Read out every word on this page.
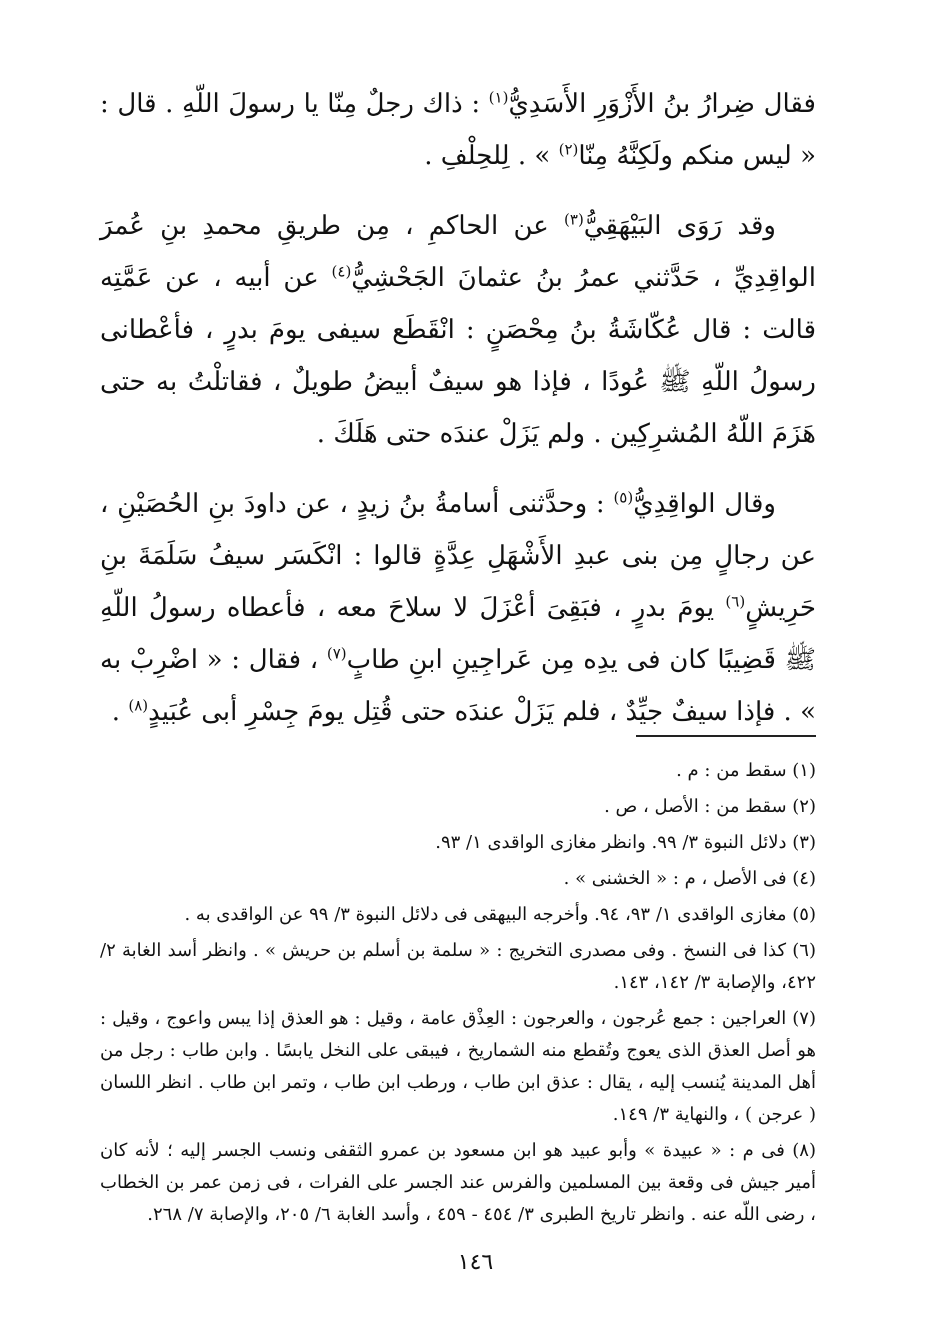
فقال ضِرارُ بنُ الأَزْوَرِ الأَسَدِيُّ$^{(١)}$ : ذاك رجلٌ مِنّا يا رسولَ اللّهِ . قال : « ليس منكم ولَكِنَّهُ مِنّا$^{(٢)}$ » . لِلحِلْفِ .

وقد رَوَى البَيْهَقِيُّ$^{(٣)}$ عن الحاكمِ ، مِن طريقِ محمدِ بنِ عُمرَ الواقِدِيِّ ، حَدَّثني عمرُ بنُ عثمانَ الجَحْشِيُّ$^{(٤)}$ عن أبيه ، عن عَمَّتِه قالت : قال عُكّاشَةُ بنُ مِحْصَنٍ : انْقَطَع سيفى يومَ بدرٍ ، فأعْطانى رسولُ اللّهِ ﷺ عُودًا ، فإذا هو سيفٌ أبيضُ طويلٌ ، فقاتلْتُ به حتى هَزَمَ اللّهُ المُشرِكِين . ولم يَزَلْ عندَه حتى هَلَكَ .

وقال الواقِدِيُّ$^{(٥)}$ : وحدَّثنى أسامةُ بنُ زيدٍ ، عن داودَ بنِ الحُصَيْنِ ، عن رجالٍ مِن بنى عبدِ الأَشْهَلِ عِدَّةٍ قالوا : انْكَسَر سيفُ سَلَمَةَ بنِ حَرِيشٍ$^{(٦)}$ يومَ بدرٍ ، فبَقِىَ أعْزَلَ لا سلاحَ معه ، فأعطاه رسولُ اللّهِ ﷺ قَضِيبًا كان فى يدِه مِن عَراجِينِ ابنِ طابٍ$^{(٧)}$ ، فقال : « اضْرِبْ به » . فإذا سيفٌ جيِّدٌ ، فلم يَزَلْ عندَه حتى قُتِل يومَ جِسْرِ أبى عُبَيدٍ$^{(٨)}$ .

(١) سقط من : م .
(٢) سقط من : الأصل ، ص .
(٣) دلائل النبوة ٣/ ٩٩. وانظر مغازى الواقدى ١/ ٩٣.
(٤) فى الأصل ، م : « الخشنى » .
(٥) مغازى الواقدى ١/ ٩٣، ٩٤. وأخرجه البيهقى فى دلائل النبوة ٣/ ٩٩ عن الواقدى به .
(٦) كذا فى النسخ . وفى مصدرى التخريج : « سلمة بن أسلم بن حريش » . وانظر أسد الغابة ٢/ ٤٢٢، والإصابة ٣/ ١٤٢، ١٤٣.
(٧) العراجين : جمع عُرجون ، والعرجون : العِذْق عامة ، وقيل : هو العذق إذا يبس واعوج ، وقيل : هو أصل العذق الذى يعوج وتُقطع منه الشماريخ ، فيبقى على النخل يابسًا . وابن طاب : رجل من أهل المدينة يُنسب إليه ، يقال : عذق ابن طاب ، ورطب ابن طاب ، وتمر ابن طاب . انظر اللسان ( عرجن ) ، والنهاية ٣/ ١٤٩.
(٨) فى م : « عبيدة » وأبو عبيد هو ابن مسعود بن عمرو الثقفى ونسب الجسر إليه ؛ لأنه كان أمير جيش فى وقعة بين المسلمين والفرس عند الجسر على الفرات ، فى زمن عمر بن الخطاب ، رضى اللّه عنه . وانظر تاريخ الطبرى ٣/ ٤٥٤ - ٤٥٩ ، وأسد الغابة ٦/ ٢٠٥، والإصابة ٧/ ٢٦٨.
١٤٦
